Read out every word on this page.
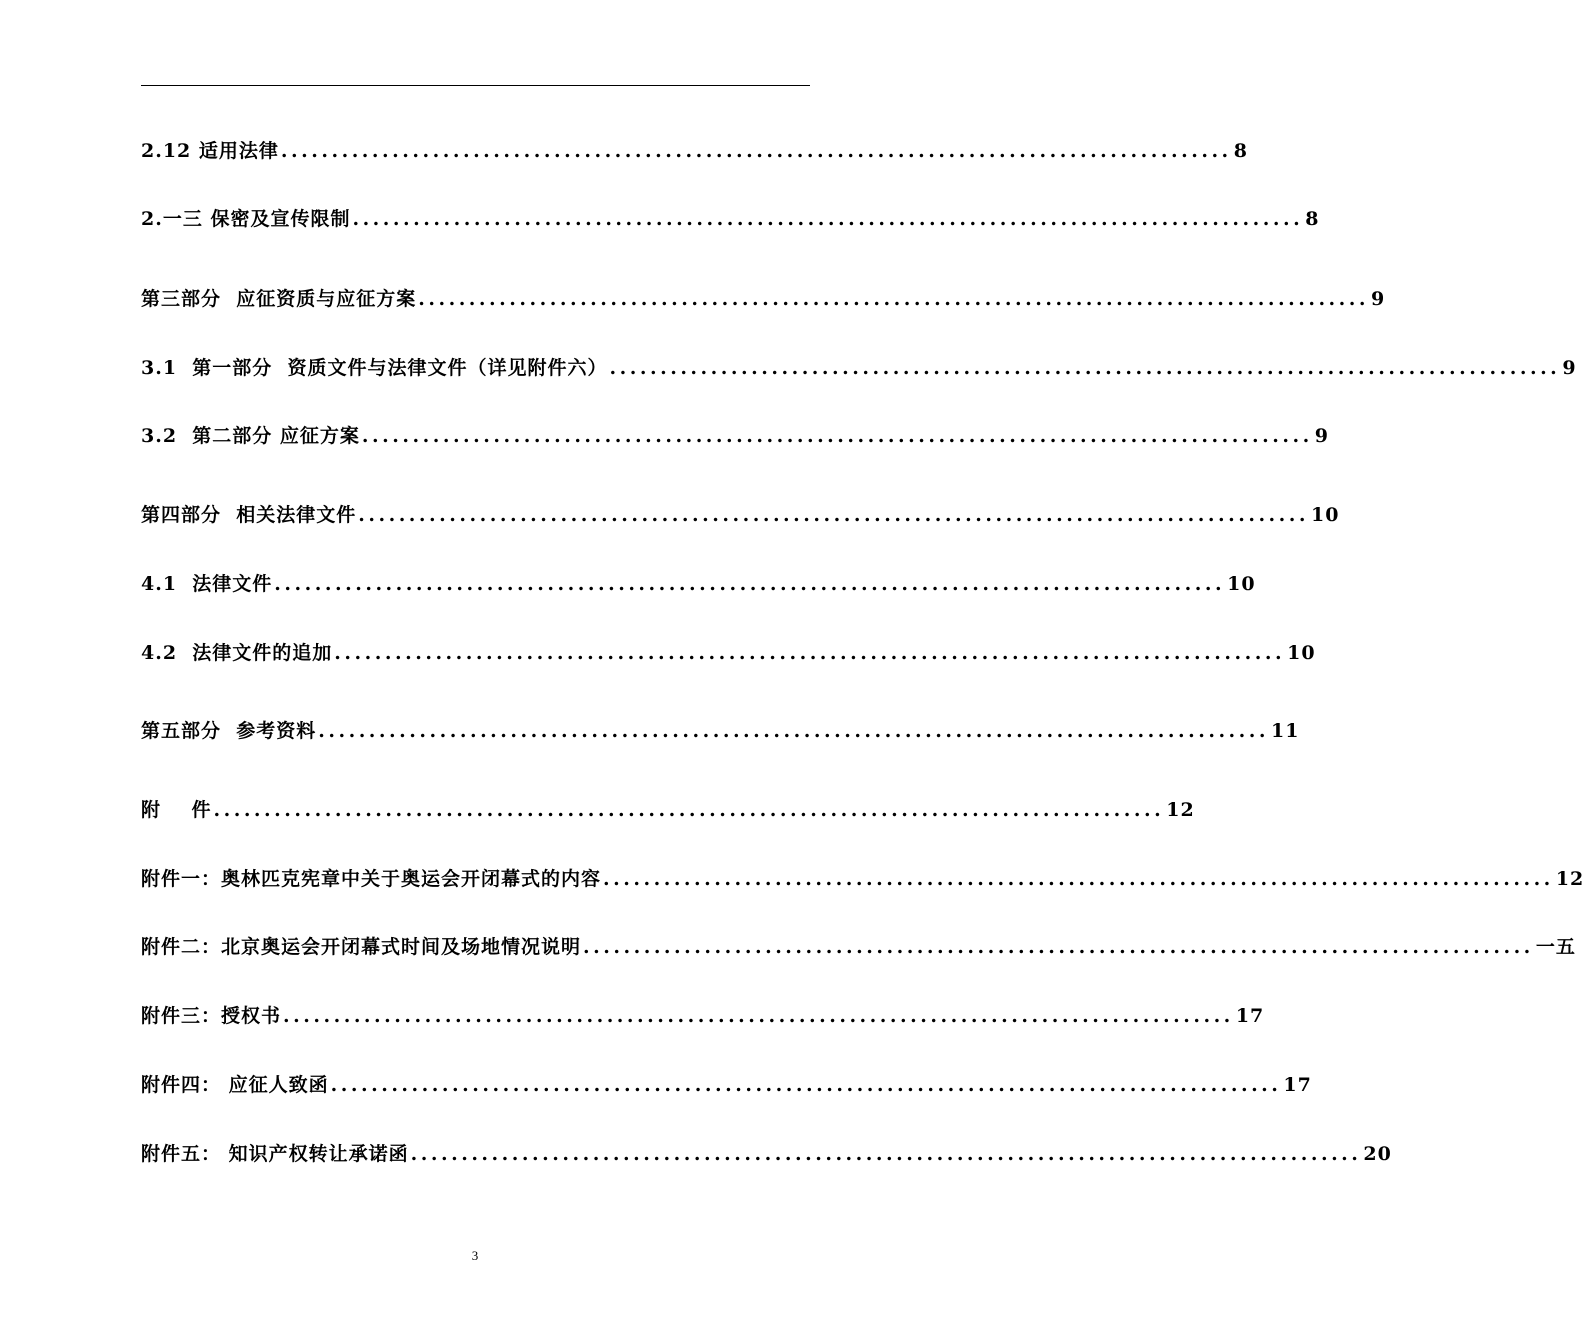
2.12 适用法律 .............................................................................................. 8
2.一三 保密及宣传限制 .............................................................................................. 8
第三部分  应征资质与应征方案 .............................................................................................. 9
3.1  第一部分  资质文件与法律文件（详见附件六） .............................................................................................. 9
3.2  第二部分 应征方案 .............................................................................................. 9
第四部分  相关法律文件 .............................................................................................. 10
4.1  法律文件 .............................................................................................. 10
4.2  法律文件的追加 .............................................................................................. 10
第五部分  参考资料 .............................................................................................. 11
附    件 .............................................................................................. 12
附件一：奥林匹克宪章中关于奥运会开闭幕式的内容 .............................................................................................. 12
附件二：北京奥运会开闭幕式时间及场地情况说明 .............................................................................................. 一五
附件三：授权书 .............................................................................................. 17
附件四： 应征人致函 .............................................................................................. 17
附件五： 知识产权转让承诺函 .............................................................................................. 20
3
